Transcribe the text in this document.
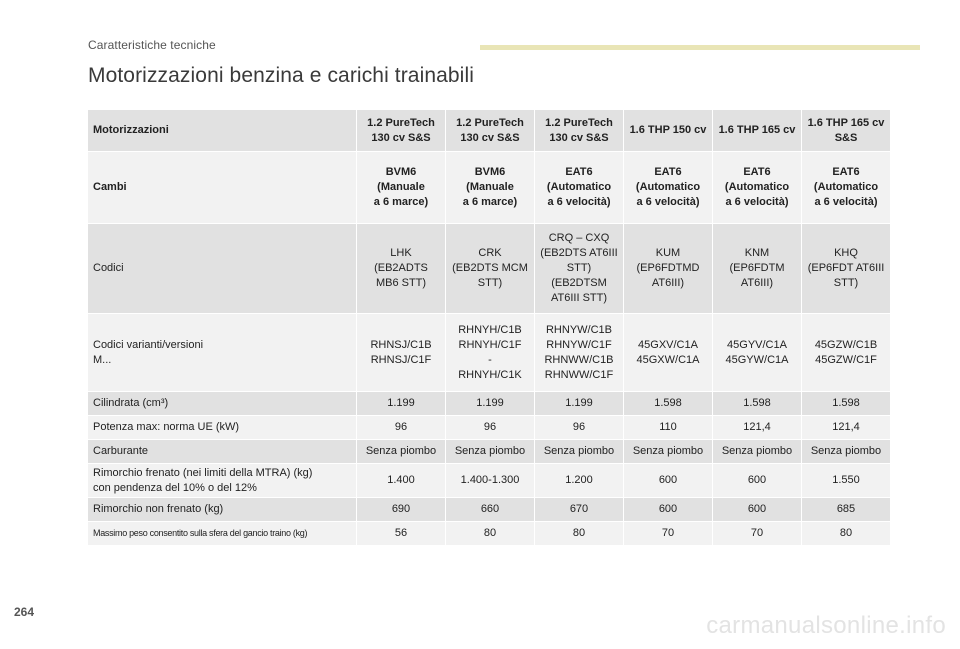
Caratteristiche tecniche
Motorizzazioni benzina e carichi trainabili
Motorizzazioni	1.2 PureTech
130 cv S&S	1.2 PureTech
130 cv S&S	1.2 PureTech
130 cv S&S	1.6 THP 150 cv	1.6 THP 165 cv	1.6 THP 165 cv
S&S
Cambi	BVM6
(Manuale
a 6 marce)	BVM6
(Manuale
a 6 marce)	EAT6
(Automatico
a 6 velocità)	EAT6
(Automatico
a 6 velocità)	EAT6
(Automatico
a 6 velocità)	EAT6
(Automatico
a 6 velocità)
Codici	LHK
(EB2ADTS
MB6 STT)	CRK
(EB2DTS MCM
STT)	CRQ – CXQ
(EB2DTS AT6III
STT)
(EB2DTSM
AT6III STT)	KUM
(EP6FDTMD
AT6III)	KNM
(EP6FDTM
AT6III)	KHQ
(EP6FDT AT6III
STT)
Codici varianti/versioni
M...	RHNSJ/C1B
RHNSJ/C1F	RHNYH/C1B
RHNYH/C1F
-
RHNYH/C1K	RHNYW/C1B
RHNYW/C1F
RHNWW/C1B
RHNWW/C1F	45GXV/C1A
45GXW/C1A	45GYV/C1A
45GYW/C1A	45GZW/C1B
45GZW/C1F
Cilindrata (cm³)	1.199	1.199	1.199	1.598	1.598	1.598
Potenza max: norma UE (kW)	96	96	96	110	121,4	121,4
Carburante	Senza piombo	Senza piombo	Senza piombo	Senza piombo	Senza piombo	Senza piombo
Rimorchio frenato (nei limiti della MTRA) (kg)
con pendenza del 10% o del 12%	1.400	1.400-1.300	1.200	600	600	1.550
Rimorchio non frenato (kg)	690	660	670	600	600	685
Massimo peso consentito sulla sfera del gancio traino (kg)	56	80	80	70	70	80
264	carmanualsonline.info
